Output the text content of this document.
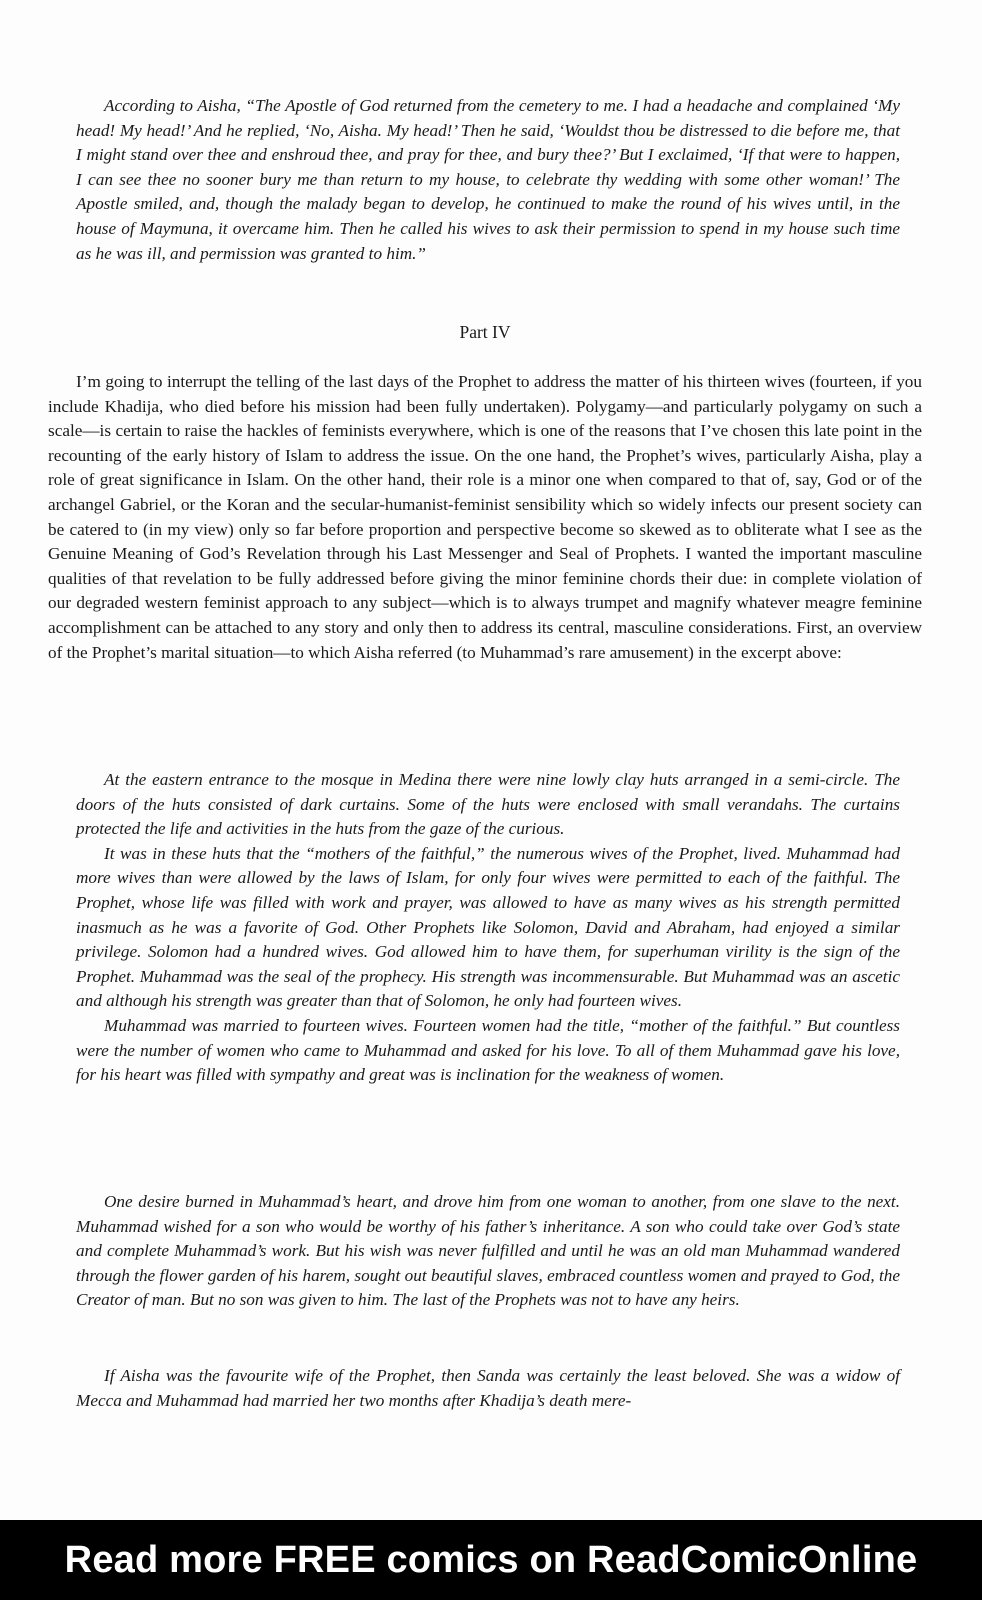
According to Aisha, “The Apostle of God returned from the cemetery to me. I had a headache and complained ‘My head! My head!’ And he replied, ‘No, Aisha. My head!’ Then he said, ‘Wouldst thou be distressed to die before me, that I might stand over thee and enshroud thee, and pray for thee, and bury thee?’ But I exclaimed, ‘If that were to happen, I can see thee no sooner bury me than return to my house, to celebrate thy wedding with some other woman!’ The Apostle smiled, and, though the malady began to develop, he continued to make the round of his wives until, in the house of Maymuna, it overcame him. Then he called his wives to ask their permission to spend in my house such time as he was ill, and permission was granted to him.”

Part IV

I’m going to interrupt the telling of the last days of the Prophet to address the matter of his thirteen wives (fourteen, if you include Khadija, who died before his mission had been fully undertaken). Polygamy—and particularly polygamy on such a scale—is certain to raise the hackles of feminists everywhere, which is one of the reasons that I’ve chosen this late point in the recounting of the early history of Islam to address the issue. On the one hand, the Prophet’s wives, particularly Aisha, play a role of great significance in Islam. On the other hand, their role is a minor one when compared to that of, say, God or of the archangel Gabriel, or the Koran and the secular-humanist-feminist sensibility which so widely infects our present society can be catered to (in my view) only so far before proportion and perspective become so skewed as to obliterate what I see as the Genuine Meaning of God’s Revelation through his Last Messenger and Seal of Prophets. I wanted the important masculine qualities of that revelation to be fully addressed before giving the minor feminine chords their due: in complete violation of our degraded western feminist approach to any subject—which is to always trumpet and magnify whatever meagre feminine accomplishment can be attached to any story and only then to address its central, masculine considerations. First, an overview of the Prophet’s marital situation—to which Aisha referred (to Muhammad’s rare amusement) in the excerpt above:

At the eastern entrance to the mosque in Medina there were nine lowly clay huts arranged in a semi-circle. The doors of the huts consisted of dark curtains. Some of the huts were enclosed with small verandahs. The curtains protected the life and activities in the huts from the gaze of the curious.

It was in these huts that the “mothers of the faithful,” the numerous wives of the Prophet, lived. Muhammad had more wives than were allowed by the laws of Islam, for only four wives were permitted to each of the faithful. The Prophet, whose life was filled with work and prayer, was allowed to have as many wives as his strength permitted inasmuch as he was a favorite of God. Other Prophets like Solomon, David and Abraham, had enjoyed a similar privilege. Solomon had a hundred wives. God allowed him to have them, for superhuman virility is the sign of the Prophet. Muhammad was the seal of the prophecy. His strength was incommensurable. But Muhammad was an ascetic and although his strength was greater than that of Solomon, he only had fourteen wives.

Muhammad was married to fourteen wives. Fourteen women had the title, “mother of the faithful.” But countless were the number of women who came to Muhammad and asked for his love. To all of them Muhammad gave his love, for his heart was filled with sympathy and great was is inclination for the weakness of women.

One desire burned in Muhammad’s heart, and drove him from one woman to another, from one slave to the next. Muhammad wished for a son who would be worthy of his father’s inheritance. A son who could take over God’s state and complete Muhammad’s work. But his wish was never fulfilled and until he was an old man Muhammad wandered through the flower garden of his harem, sought out beautiful slaves, embraced countless women and prayed to God, the Creator of man. But no son was given to him. The last of the Prophets was not to have any heirs.

If Aisha was the favourite wife of the Prophet, then Sanda was certainly the least beloved. She was a widow of Mecca and Muhammad had married her two months after Khadija’s death mere-

Read more FREE comics on ReadComicOnline
